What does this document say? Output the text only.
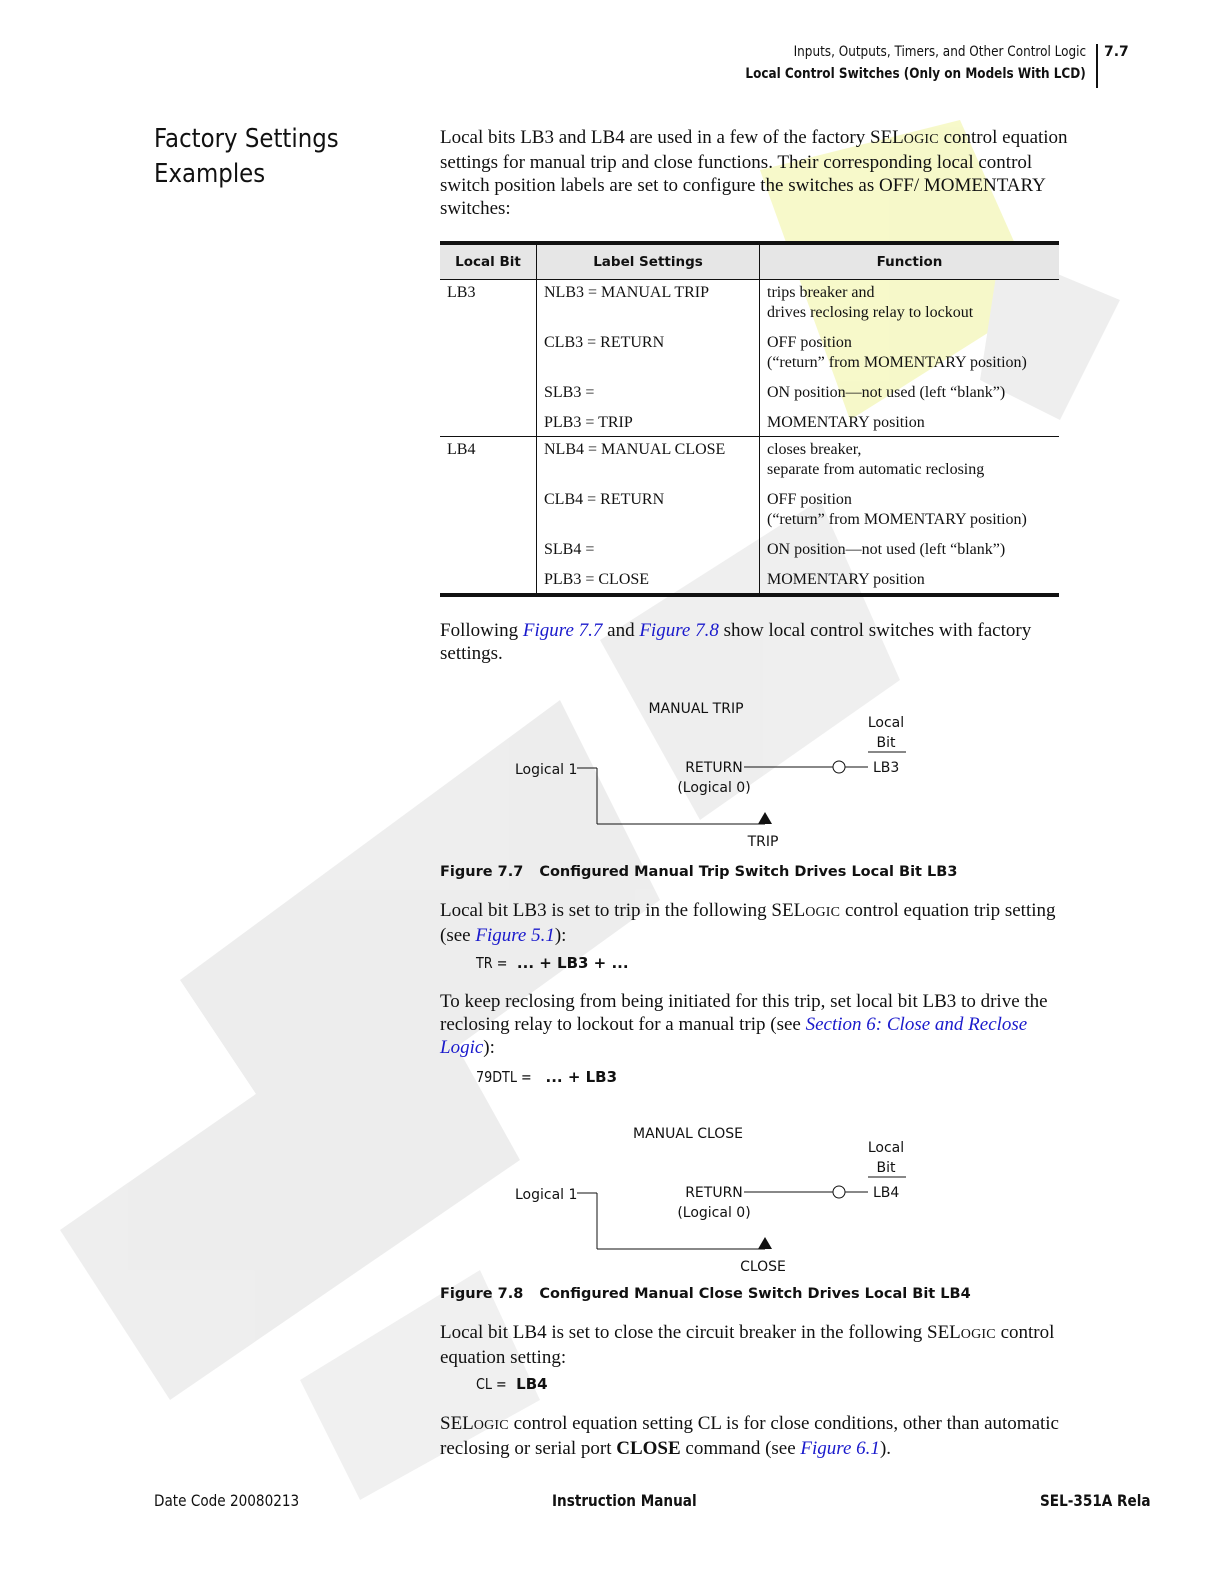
Inputs, Outputs, Timers, and Other Control Logic
Local Control Switches (Only on Models With LCD)
7.7
Factory Settings
Examples
Local bits LB3 and LB4 are used in a few of the factory SELOGIC control equation settings for manual trip and close functions. Their corresponding local control switch position labels are set to configure the switches as OFF/ MOMENTARY switches:
Local Bit	Label Settings	Function
LB3	NLB3 = MANUAL TRIP	trips breaker and
drives reclosing relay to lockout
	CLB3 = RETURN	OFF position
(“return” from MOMENTARY position)
	SLB3 =	ON position—not used (left “blank”)
	PLB3 = TRIP	MOMENTARY position
LB4	NLB4 = MANUAL CLOSE	closes breaker,
separate from automatic reclosing
	CLB4 = RETURN	OFF position
(“return” from MOMENTARY position)
	SLB4 =	ON position—not used (left “blank”)
	PLB3 = CLOSE	MOMENTARY position
Following Figure 7.7 and Figure 7.8 show local control switches with factory settings.
MANUAL TRIP
Local
Bit
Logical 1	RETURN
(Logical 0)
LB3
TRIP
Figure 7.7 Configured Manual Trip Switch Drives Local Bit LB3
Local bit LB3 is set to trip in the following SELOGIC control equation trip setting (see Figure 5.1):
TR = ... + LB3 + ...
To keep reclosing from being initiated for this trip, set local bit LB3 to drive the reclosing relay to lockout for a manual trip (see Section 6: Close and Reclose Logic):
79DTL = ... + LB3
MANUAL CLOSE
Local
Bit
Logical 1	RETURN
(Logical 0)
LB4
CLOSE
Figure 7.8 Configured Manual Close Switch Drives Local Bit LB4
Local bit LB4 is set to close the circuit breaker in the following SELOGIC control equation setting:
CL = LB4
SELOGIC control equation setting CL is for close conditions, other than automatic reclosing or serial port CLOSE command (see Figure 6.1).
Date Code 20080213	Instruction Manual	SEL-351A Rela
